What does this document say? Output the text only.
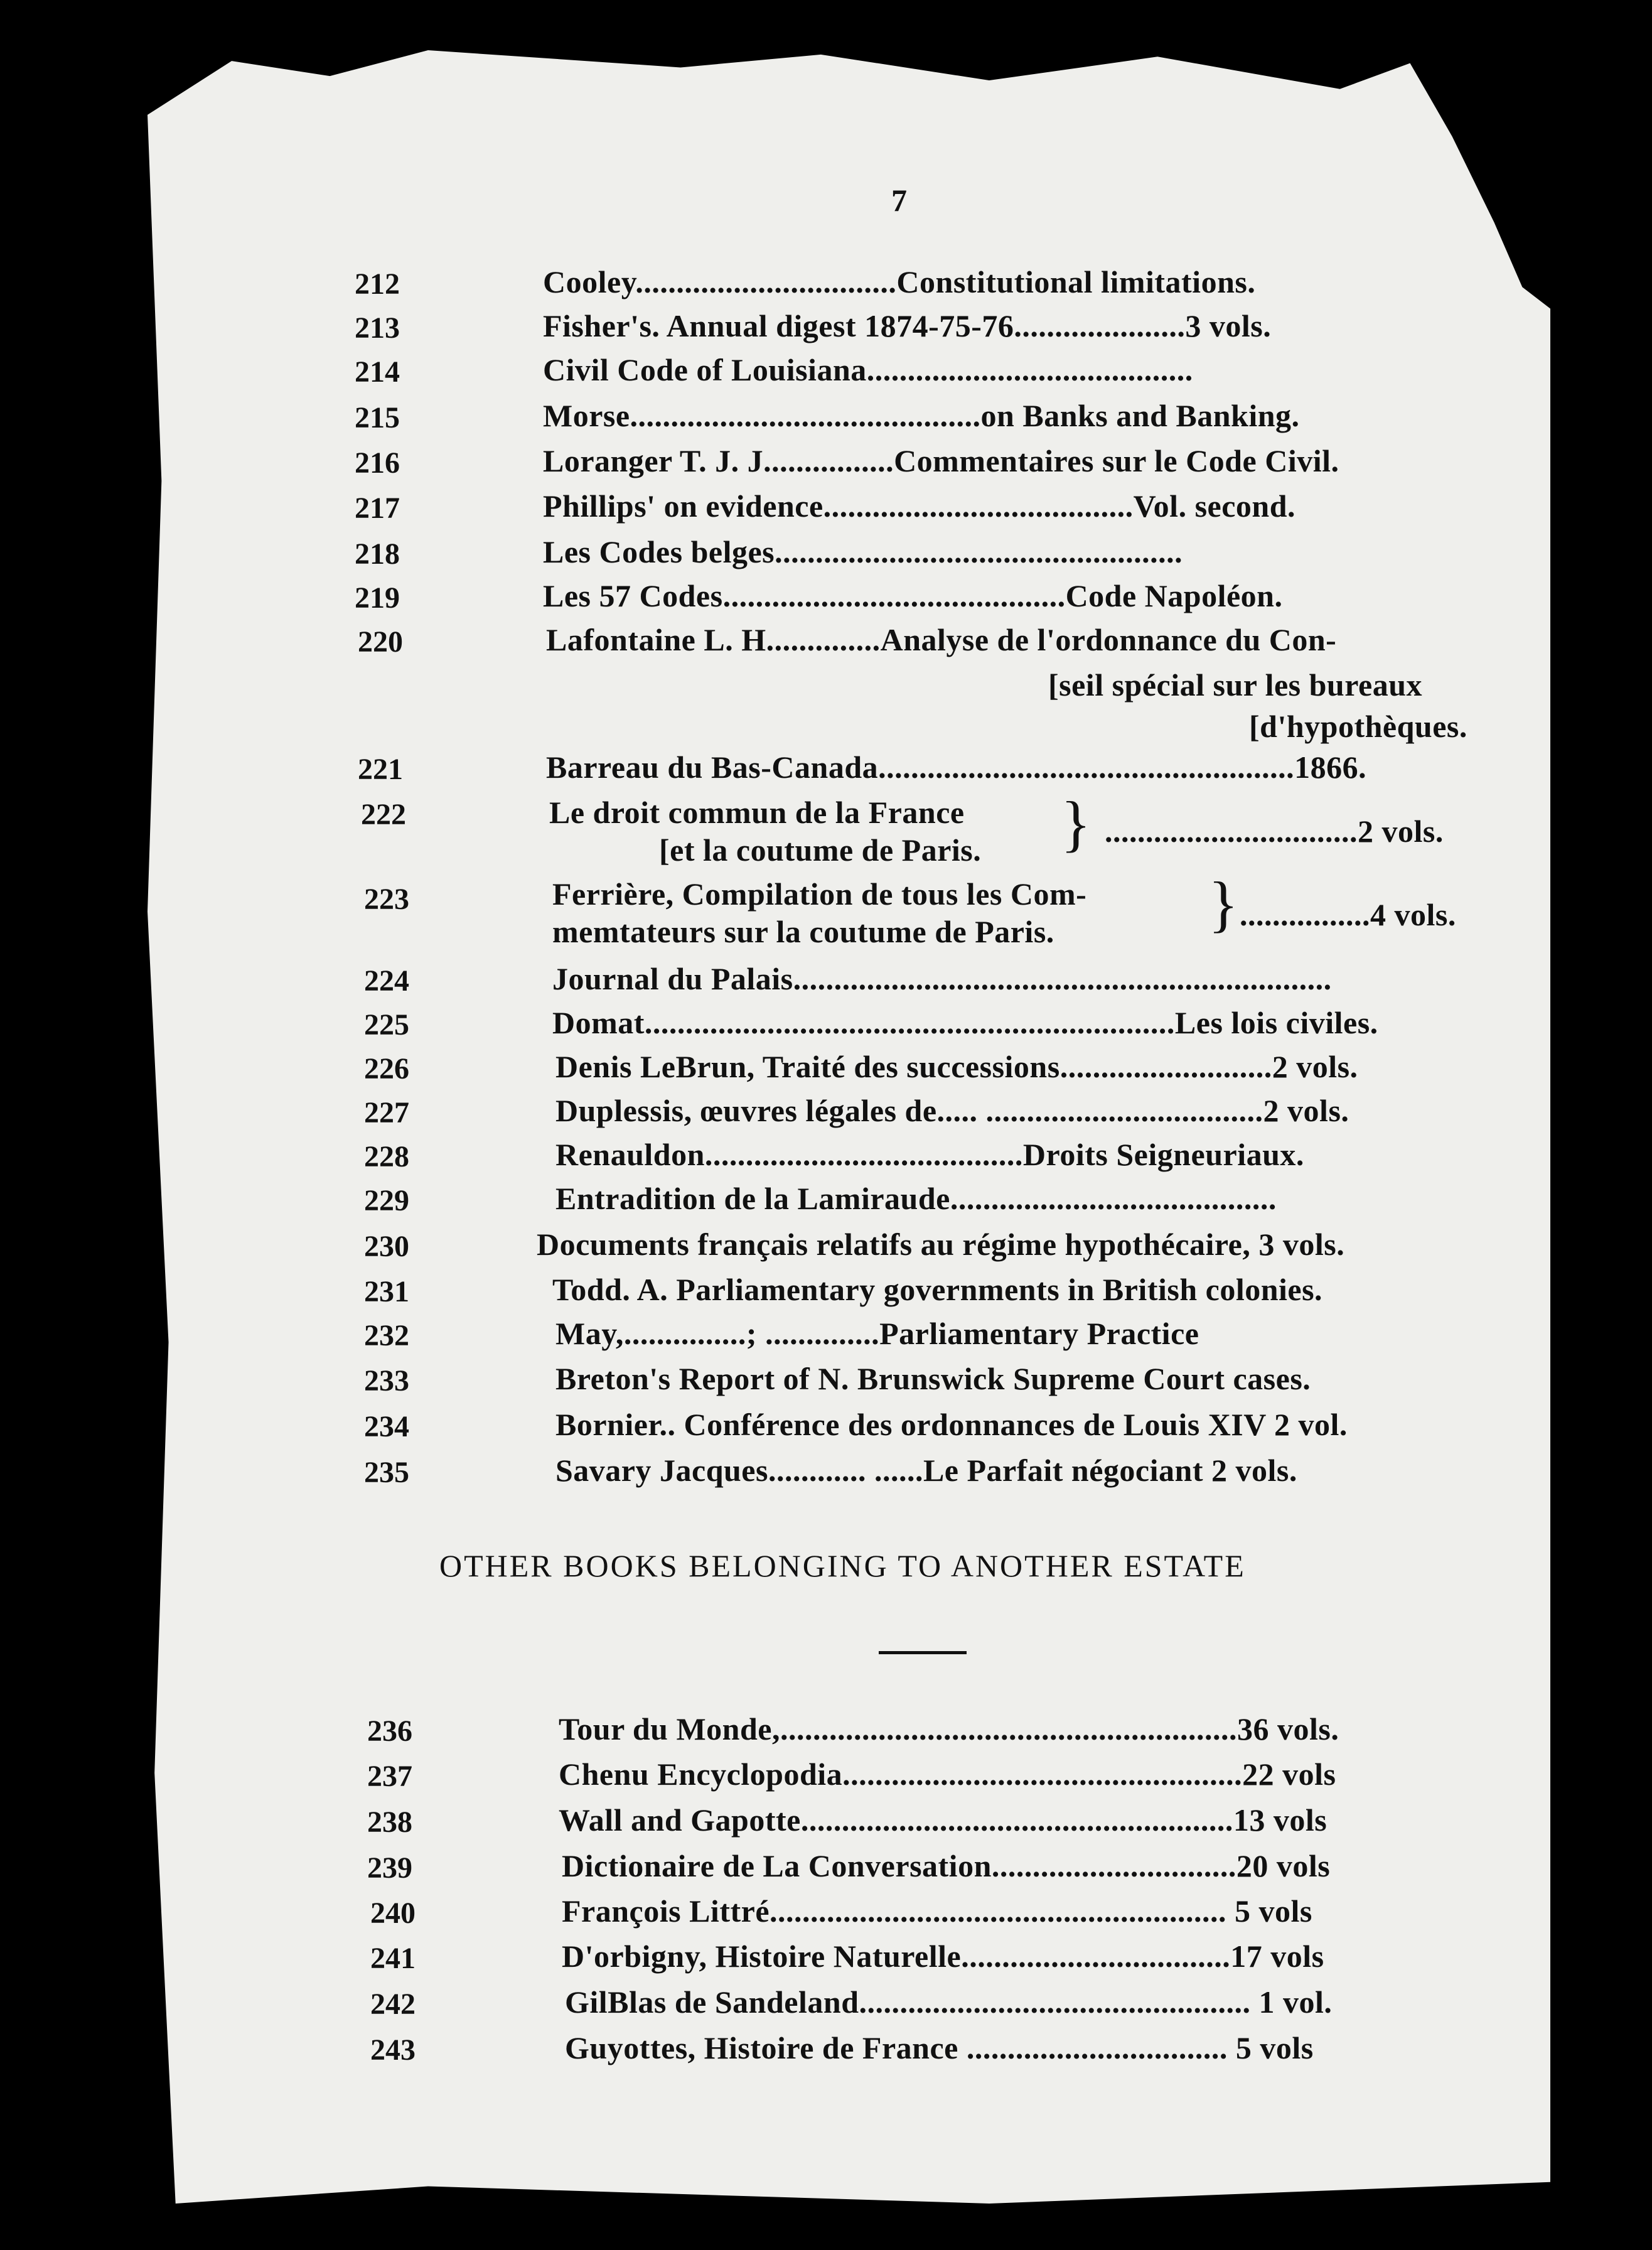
7
212	Cooley................................Constitutional limitations.
213	Fisher's. Annual digest 1874-75-76.....................3 vols.
214	Civil Code of Louisiana........................................
215	Morse...........................................on Banks and Banking.
216	Loranger T. J. J................Commentaires sur le Code Civil.
217	Phillips' on evidence......................................Vol. second.
218	Les Codes belges..................................................
219	Les 57 Codes..........................................Code Napoléon.
220	Lafontaine L. H..............Analyse de l'ordonnance du Con-
[seil spécial sur les bureaux
[d'hypothèques.
221	Barreau du Bas-Canada...................................................1866.
222	Le droit commun de la France
[et la coutume de Paris. } ...............................2 vols.
223	Ferrière, Compilation de tous les Com-
memtateurs sur la coutume de Paris. } ................4 vols.
224	Journal du Palais..................................................................
225	Domat.................................................................Les lois civiles.
226	Denis LeBrun, Traité des successions..........................2 vols.
227	Duplessis, œuvres légales de..... ..................................2 vols.
228	Renauldon.......................................Droits Seigneuriaux.
229	Entradition de la Lamiraude........................................
230	Documents français relatifs au régime hypothécaire, 3 vols.
231	Todd. A. Parliamentary governments in British colonies.
232	May,...............; ..............Parliamentary Practice
233	Breton's Report of N. Brunswick Supreme Court cases.
234	Bornier.. Conférence des ordonnances de Louis XIV 2 vol.
235	Savary Jacques............ ......Le Parfait négociant 2 vols.
OTHER BOOKS BELONGING TO ANOTHER ESTATE
236	Tour du Monde,........................................................36 vols.
237	Chenu Encyclopodia.................................................22 vols
238	Wall and Gapotte.....................................................13 vols
239	Dictionaire de La Conversation..............................20 vols
240	François Littré........................................................ 5 vols
241	D'orbigny, Histoire Naturelle.................................17 vols
242	GilBlas de Sandeland................................................ 1 vol.
243	Guyottes, Histoire de France ................................ 5 vols
